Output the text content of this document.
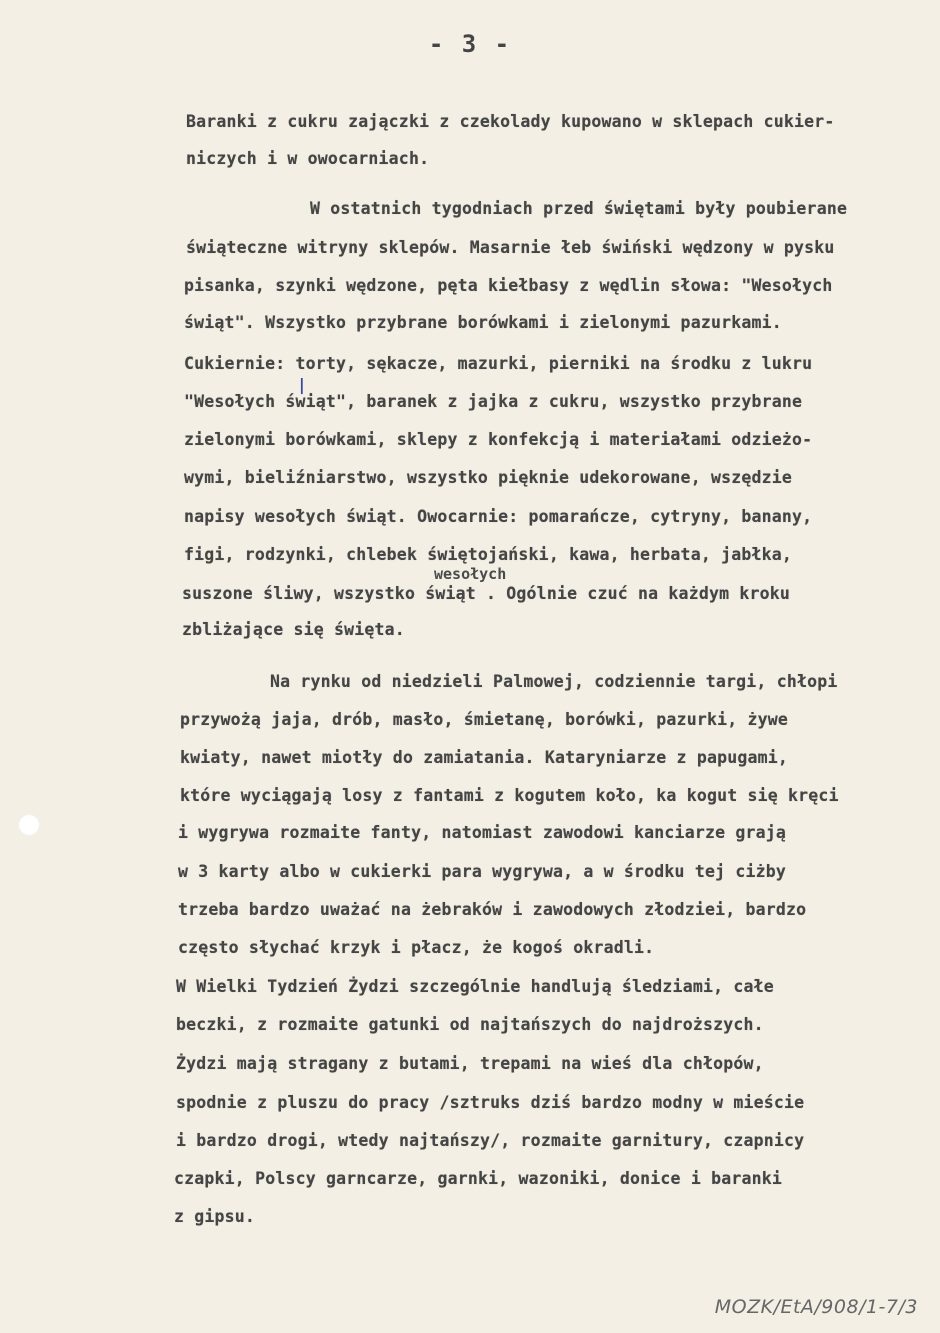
- 3 -
Baranki z cukru zajączki z czekolady kupowano w sklepach cukier-
niczych i w owocarniach.
W ostatnich tygodniach przed świętami były poubierane
świąteczne witryny sklepów. Masarnie łeb świński wędzony w pysku
pisanka, szynki wędzone, pęta kiełbasy z wędlin słowa: "Wesołych
świąt". Wszystko przybrane borówkami i zielonymi pazurkami.
Cukiernie: torty, sękacze, mazurki, pierniki na środku z lukru
|
"Wesołych świąt", baranek z jajka z cukru, wszystko przybrane
zielonymi borówkami, sklepy z konfekcją i materiałami odzieżo-
wymi, bieliźniarstwo, wszystko pięknie udekorowane, wszędzie
napisy wesołych świąt. Owocarnie: pomarańcze, cytryny, banany,
figi, rodzynki, chlebek świętojański, kawa, herbata, jabłka,
wesołych
suszone śliwy, wszystko świąt . Ogólnie czuć na każdym kroku
zbliżające się święta.
Na rynku od niedzieli Palmowej, codziennie targi, chłopi
przywożą jaja, drób, masło, śmietanę, borówki, pazurki, żywe
kwiaty, nawet miotły do zamiatania. Kataryniarze z papugami,
które wyciągają losy z fantami z kogutem koło, ka kogut się kręci
i wygrywa rozmaite fanty, natomiast zawodowi kanciarze grają
w 3 karty albo w cukierki para wygrywa, a w środku tej ciżby
trzeba bardzo uważać na żebraków i zawodowych złodziei, bardzo
często słychać krzyk i płacz, że kogoś okradli.
W Wielki Tydzień Żydzi szczególnie handlują śledziami, całe
beczki, z rozmaite gatunki od najtańszych do najdroższych.
Żydzi mają stragany z butami, trepami na wieś dla chłopów,
spodnie z pluszu do pracy /sztruks dziś bardzo modny w mieście
i bardzo drogi, wtedy najtańszy/, rozmaite garnitury, czapnicy
czapki, Polscy garncarze, garnki, wazoniki, donice i baranki
z gipsu.
MOZK/EtA/908/1-7/3
